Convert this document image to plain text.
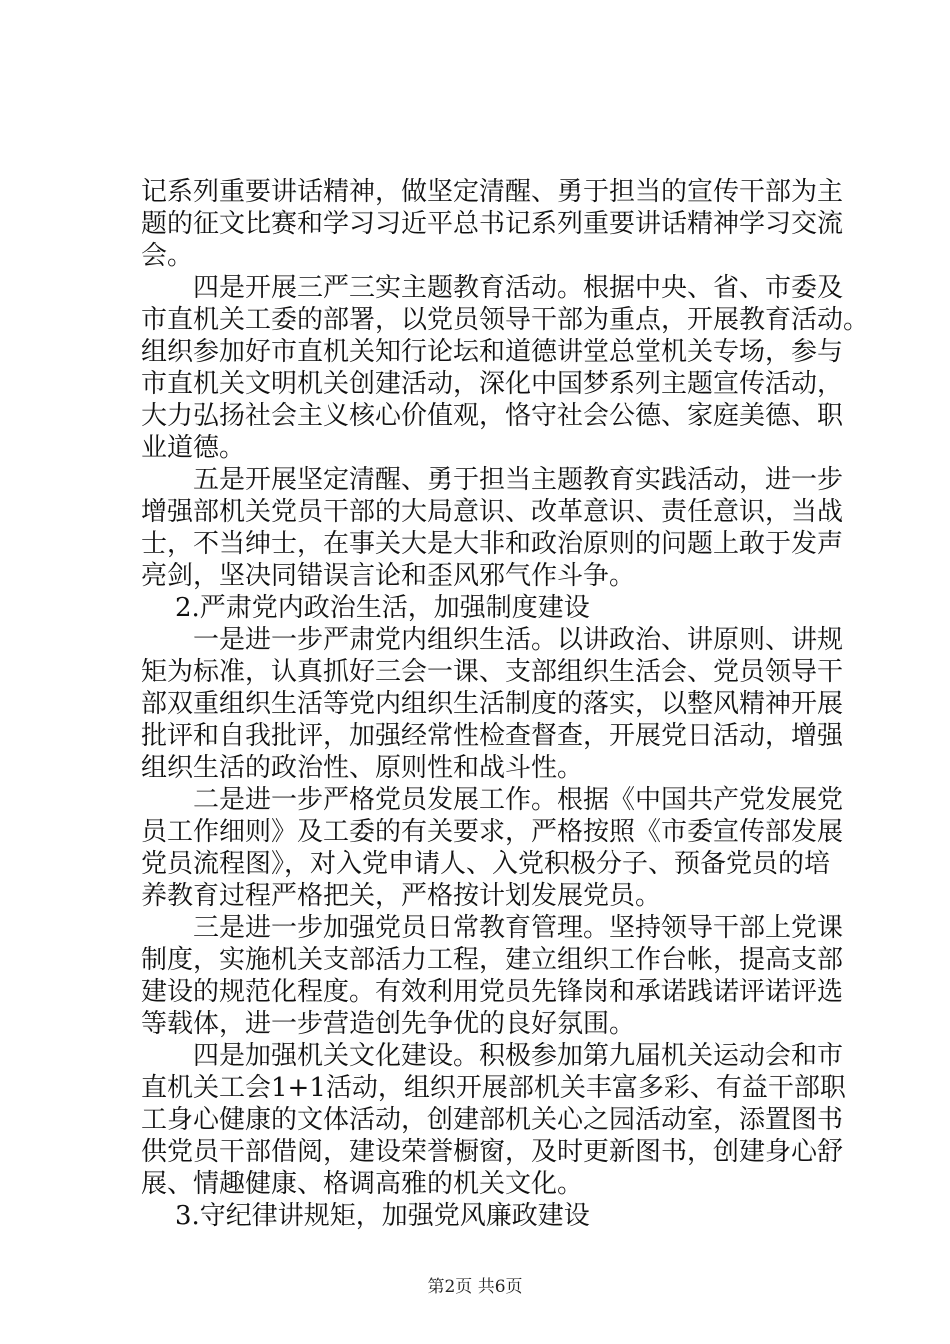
记系列重要讲话精神，做坚定清醒、勇于担当的宣传干部为主
题的征文比赛和学习习近平总书记系列重要讲话精神学习交流
会。
四是开展三严三实主题教育活动。根据中央、省、市委及
市直机关工委的部署，以党员领导干部为重点，开展教育活动。
组织参加好市直机关知行论坛和道德讲堂总堂机关专场，参与
市直机关文明机关创建活动，深化中国梦系列主题宣传活动，
大力弘扬社会主义核心价值观，恪守社会公德、家庭美德、职
业道德。
五是开展坚定清醒、勇于担当主题教育实践活动，进一步
增强部机关党员干部的大局意识、改革意识、责任意识，当战
士，不当绅士，在事关大是大非和政治原则的问题上敢于发声
亮剑，坚决同错误言论和歪风邪气作斗争。
2.严肃党内政治生活，加强制度建设
一是进一步严肃党内组织生活。以讲政治、讲原则、讲规
矩为标准，认真抓好三会一课、支部组织生活会、党员领导干
部双重组织生活等党内组织生活制度的落实，以整风精神开展
批评和自我批评，加强经常性检查督查，开展党日活动，增强
组织生活的政治性、原则性和战斗性。
二是进一步严格党员发展工作。根据《中国共产党发展党
员工作细则》及工委的有关要求，严格按照《市委宣传部发展
党员流程图》，对入党申请人、入党积极分子、预备党员的培
养教育过程严格把关，严格按计划发展党员。
三是进一步加强党员日常教育管理。坚持领导干部上党课
制度，实施机关支部活力工程，建立组织工作台帐，提高支部
建设的规范化程度。有效利用党员先锋岗和承诺践诺评诺评选
等载体，进一步营造创先争优的良好氛围。
四是加强机关文化建设。积极参加第九届机关运动会和市
直机关工会1+1活动，组织开展部机关丰富多彩、有益干部职
工身心健康的文体活动，创建部机关心之园活动室，添置图书
供党员干部借阅，建设荣誉橱窗，及时更新图书，创建身心舒
展、情趣健康、格调高雅的机关文化。
3.守纪律讲规矩，加强党风廉政建设
第2页 共6页
